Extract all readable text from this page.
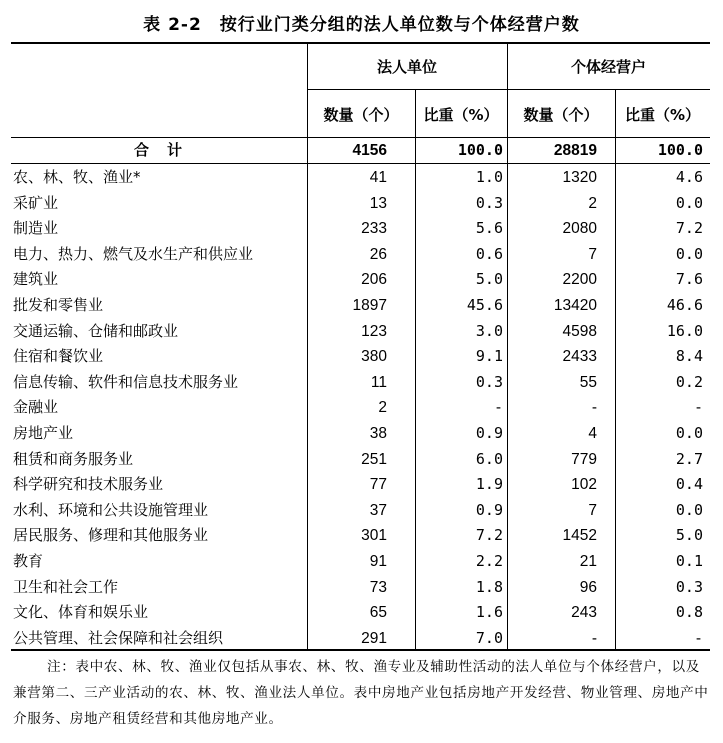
表 2-2　按行业门类分组的法人单位数与个体经营户数
法人单位	个体经营户
数量（个）	比重（%）	数量（个）	比重（%）
合计	4156	100.0	28819	100.0
农、林、牧、渔业*	41	1.0	1320	4.6
采矿业	13	0.3	2	0.0
制造业	233	5.6	2080	7.2
电力、热力、燃气及水生产和供应业	26	0.6	7	0.0
建筑业	206	5.0	2200	7.6
批发和零售业	1897	45.6	13420	46.6
交通运输、仓储和邮政业	123	3.0	4598	16.0
住宿和餐饮业	380	9.1	2433	8.4
信息传输、软件和信息技术服务业	11	0.3	55	0.2
金融业	2	-	-	-
房地产业	38	0.9	4	0.0
租赁和商务服务业	251	6.0	779	2.7
科学研究和技术服务业	77	1.9	102	0.4
水利、环境和公共设施管理业	37	0.9	7	0.0
居民服务、修理和其他服务业	301	7.2	1452	5.0
教育	91	2.2	21	0.1
卫生和社会工作	73	1.8	96	0.3
文化、体育和娱乐业	65	1.6	243	0.8
公共管理、社会保障和社会组织	291	7.0	-	-
注：表中农、林、牧、渔业仅包括从事农、林、牧、渔专业及辅助性活动的法人单位与个体经营户，以及兼营第二、三产业活动的农、林、牧、渔业法人单位。表中房地产业包括房地产开发经营、物业管理、房地产中介服务、房地产租赁经营和其他房地产业。
